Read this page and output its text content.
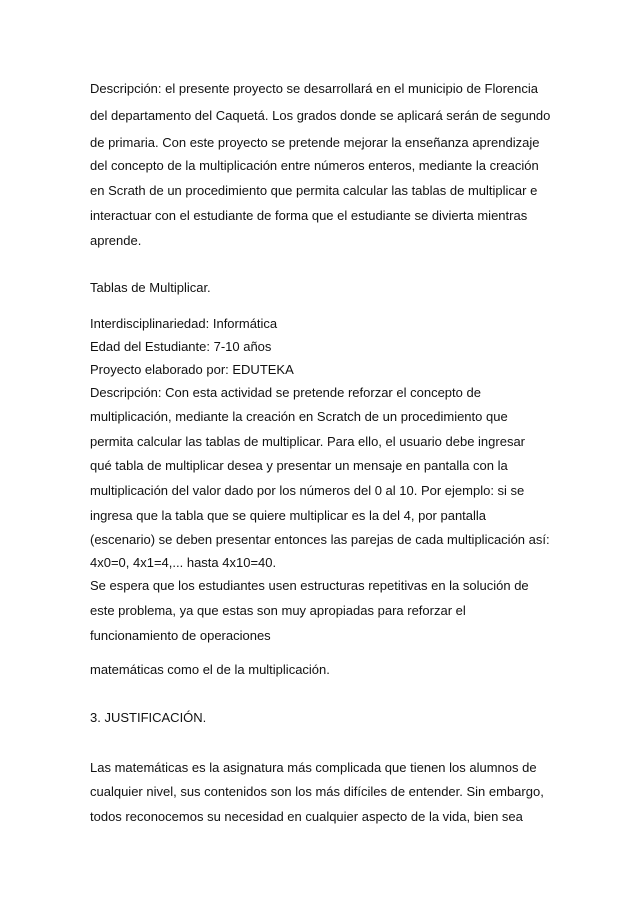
Descripción: el presente proyecto se desarrollará en el municipio de Florencia
del departamento del Caquetá. Los grados donde se aplicará serán de segundo
de primaria. Con este proyecto se pretende mejorar la enseñanza aprendizaje
del concepto de la multiplicación entre números enteros, mediante la creación
en Scrath de un procedimiento que permita calcular las tablas de multiplicar e
interactuar con el estudiante de forma que el estudiante se divierta mientras
aprende.
Tablas de Multiplicar.
Interdisciplinariedad: Informática
Edad del Estudiante: 7-10 años
Proyecto elaborado por: EDUTEKA
Descripción: Con esta actividad se pretende reforzar el concepto de
multiplicación, mediante la creación en Scratch de un procedimiento que
permita calcular las tablas de multiplicar. Para ello, el usuario debe ingresar
qué tabla de multiplicar desea y presentar un mensaje en pantalla con la
multiplicación del valor dado por los números del 0 al 10. Por ejemplo: si se
ingresa que la tabla que se quiere multiplicar es la del 4, por pantalla
(escenario) se deben presentar entonces las parejas de cada multiplicación así:
4x0=0, 4x1=4,... hasta 4x10=40.
Se espera que los estudiantes usen estructuras repetitivas en la solución de
este problema, ya que estas son muy apropiadas para reforzar el
funcionamiento de operaciones
matemáticas como el de la multiplicación.
3. JUSTIFICACIÓN.
Las matemáticas es la asignatura más complicada que tienen los alumnos de
cualquier nivel, sus contenidos son los más difíciles de entender. Sin embargo,
todos reconocemos su necesidad en cualquier aspecto de la vida, bien sea
